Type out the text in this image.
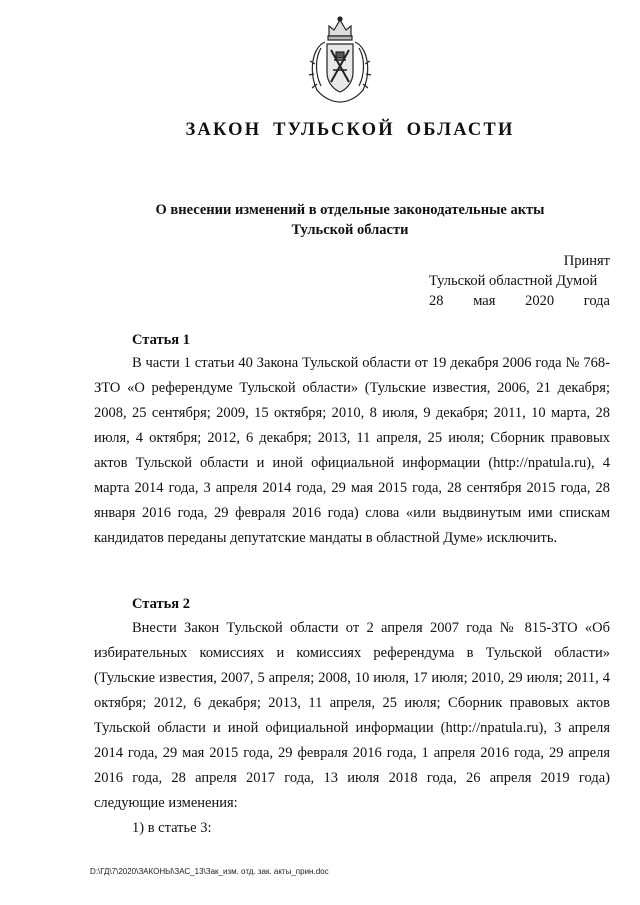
ЗАКОН ТУЛЬСКОЙ ОБЛАСТИ
О внесении изменений в отдельные законодательные акты
Тульской области
Принят
Тульской областной Думой
28 мая 2020 года
Статья 1
В части 1 статьи 40 Закона Тульской области от 19 декабря 2006 года № 768-ЗТО «О референдуме Тульской области» (Тульские известия, 2006, 21 декабря; 2008, 25 сентября; 2009, 15 октября; 2010, 8 июля, 9 декабря; 2011, 10 марта, 28 июля, 4 октября; 2012, 6 декабря; 2013, 11 апреля, 25 июля; Сборник правовых актов Тульской области и иной официальной информации (http://npatula.ru), 4 марта 2014 года, 3 апреля 2014 года, 29 мая 2015 года, 28 сентября 2015 года, 28 января 2016 года, 29 февраля 2016 года) слова «или выдвинутым ими спискам кандидатов переданы депутатские мандаты в областной Думе» исключить.
Статья 2
Внести Закон Тульской области от 2 апреля 2007 года № 815-ЗТО «Об избирательных комиссиях и комиссиях референдума в Тульской области» (Тульские известия, 2007, 5 апреля; 2008, 10 июля, 17 июля; 2010, 29 июля; 2011, 4 октября; 2012, 6 декабря; 2013, 11 апреля, 25 июля; Сборник правовых актов Тульской области и иной официальной информации (http://npatula.ru), 3 апреля 2014 года, 29 мая 2015 года, 29 февраля 2016 года, 1 апреля 2016 года, 29 апреля 2016 года, 28 апреля 2017 года, 13 июля 2018 года, 26 апреля 2019 года) следующие изменения:
1) в статье 3:
D:\ГД\7\2020\ЗАКОНЫ\ЗАС_13\Зак_изм. отд. зак. акты_прин.doc
